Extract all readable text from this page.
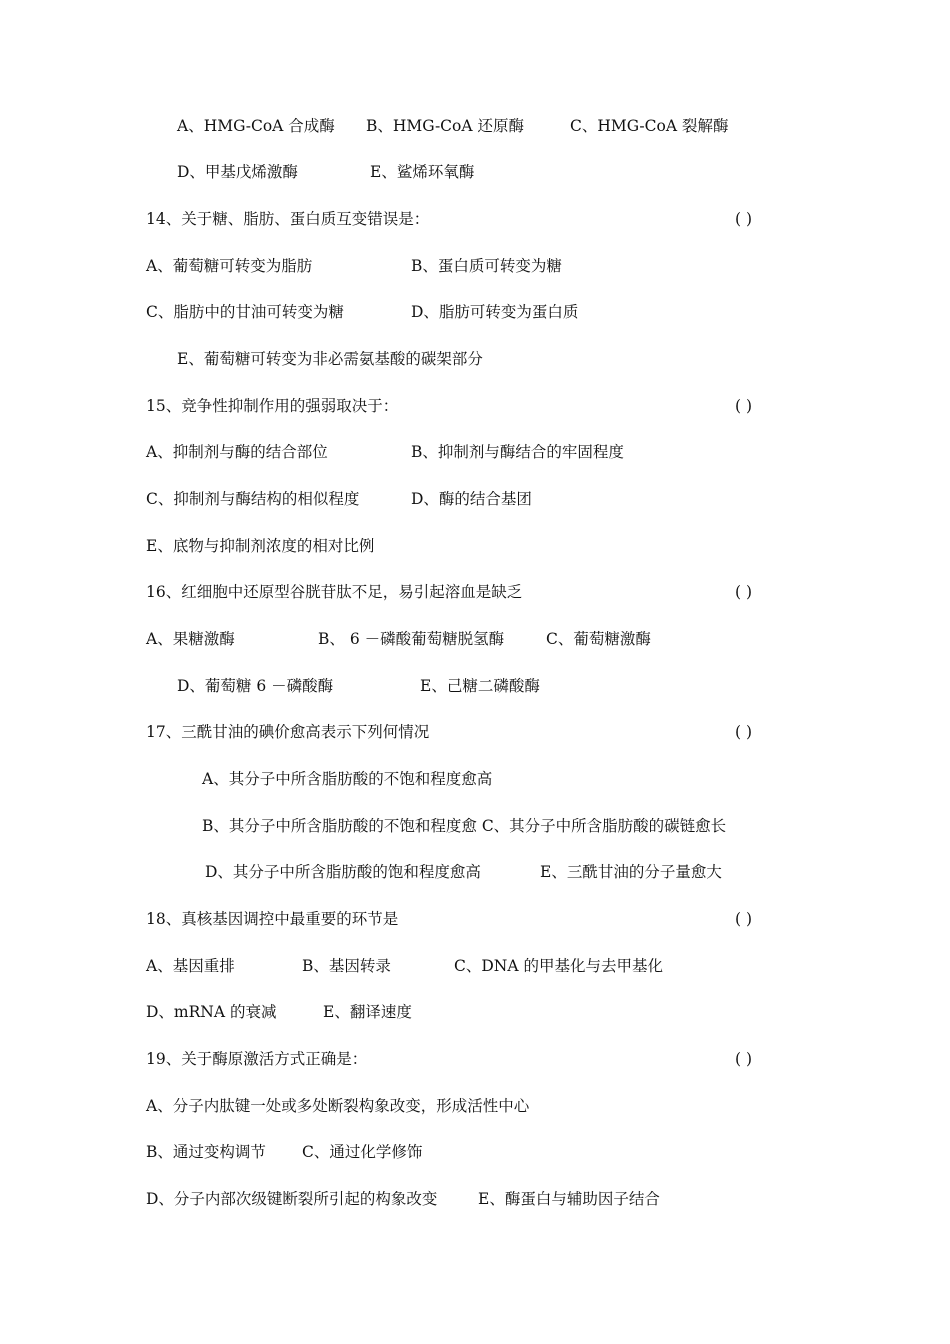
A、HMG-CoA 合成酶 B、HMG-CoA 还原酶	C、HMG-CoA 裂解酶
D、甲基戊烯激酶	E、鲨烯环氧酶
14、关于糖、脂肪、蛋白质互变错误是：	( )
A、葡萄糖可转变为脂肪	B、蛋白质可转变为糖
C、脂肪中的甘油可转变为糖	D、脂肪可转变为蛋白质
E、葡萄糖可转变为非必需氨基酸的碳架部分
15、竞争性抑制作用的强弱取决于：	( )
A、抑制剂与酶的结合部位	B、抑制剂与酶结合的牢固程度
C、抑制剂与酶结构的相似程度	D、酶的结合基团
E、底物与抑制剂浓度的相对比例
16、红细胞中还原型谷胱苷肽不足，易引起溶血是缺乏	( )
A、果糖激酶	B、 6 －磷酸葡萄糖脱氢酶	C、葡萄糖激酶
D、葡萄糖 6 －磷酸酶	E、己糖二磷酸酶
17、三酰甘油的碘价愈高表示下列何情况	( )
A、其分子中所含脂肪酸的不饱和程度愈高
B、其分子中所含脂肪酸的不饱和程度愈 C、其分子中所含脂肪酸的碳链愈长
D、其分子中所含脂肪酸的饱和程度愈高	E、三酰甘油的分子量愈大
18、真核基因调控中最重要的环节是	( )
A、基因重排	B、基因转录	C、DNA 的甲基化与去甲基化
D、mRNA 的衰减	E、翻译速度
19、关于酶原激活方式正确是：	( )
A、分子内肽键一处或多处断裂构象改变，形成活性中心
B、通过变构调节 C、通过化学修饰
D、分子内部次级键断裂所引起的构象改变	E、酶蛋白与辅助因子结合
